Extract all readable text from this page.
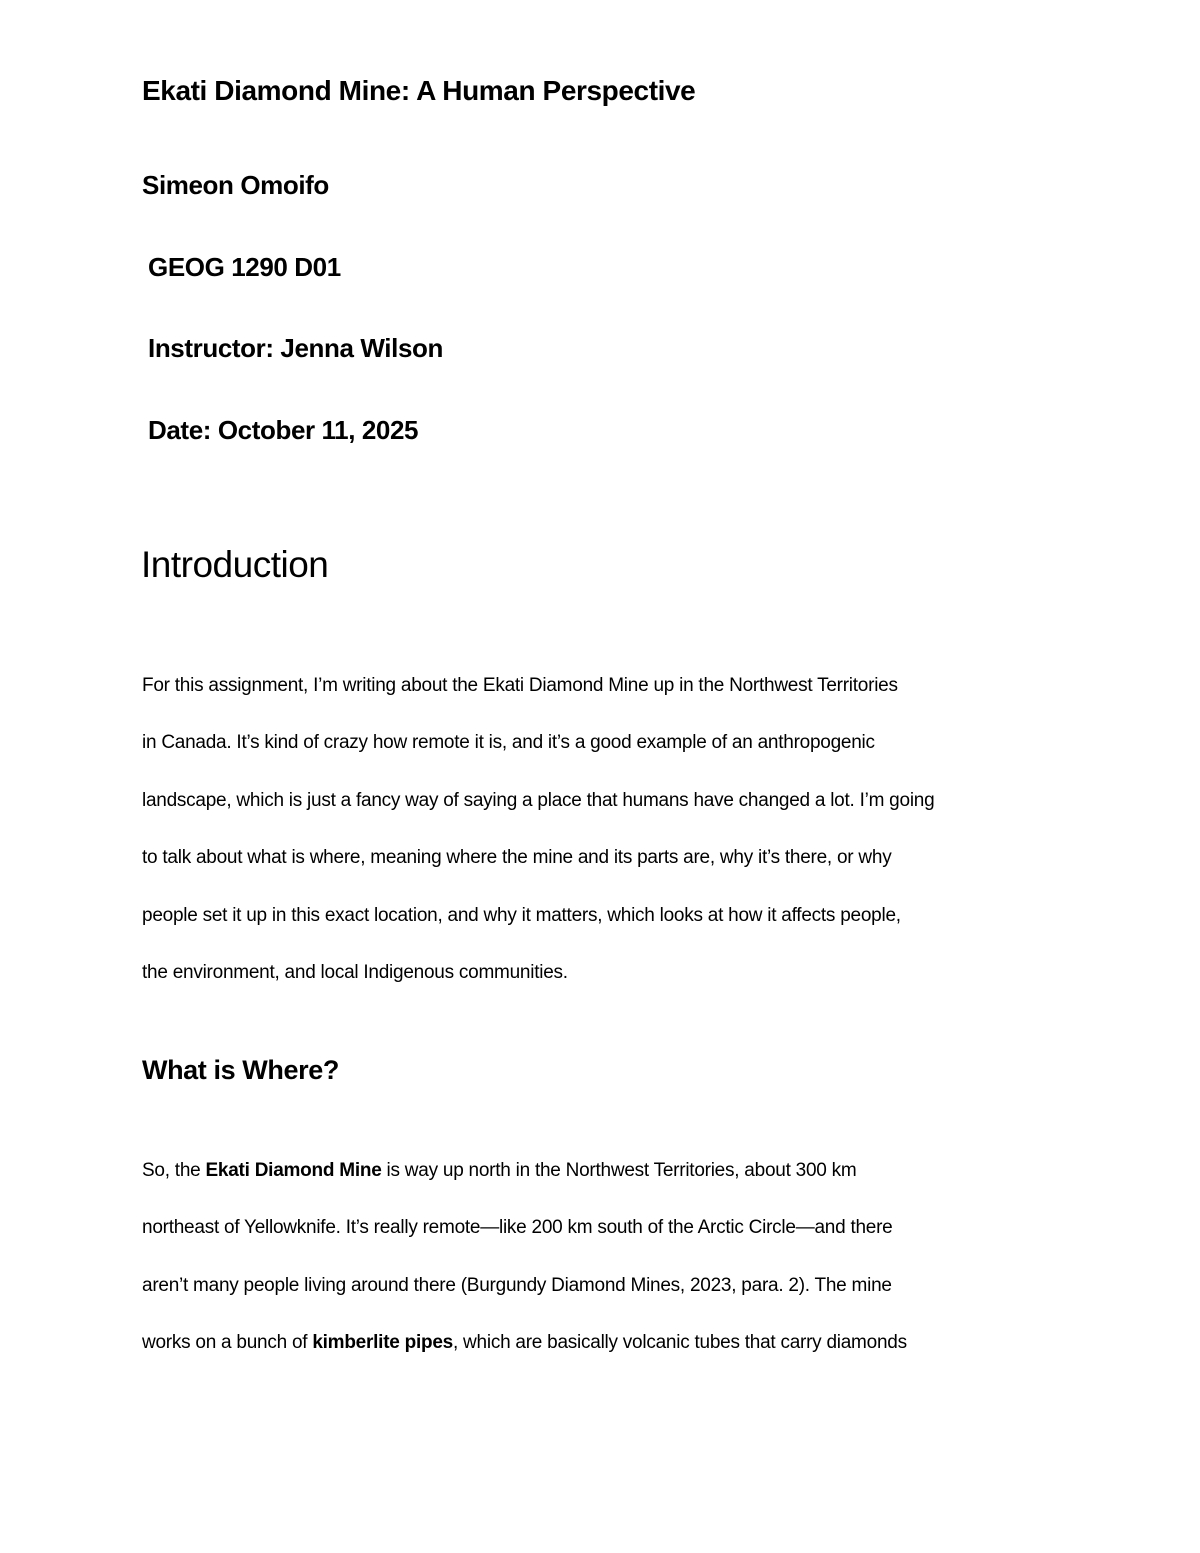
Ekati Diamond Mine: A Human Perspective
Simeon Omoifo
GEOG 1290 D01
Instructor: Jenna Wilson
Date: October 11, 2025
Introduction
For this assignment, I’m writing about the Ekati Diamond Mine up in the Northwest Territories
in Canada. It’s kind of crazy how remote it is, and it’s a good example of an anthropogenic
landscape, which is just a fancy way of saying a place that humans have changed a lot. I’m going
to talk about what is where, meaning where the mine and its parts are, why it’s there, or why
people set it up in this exact location, and why it matters, which looks at how it affects people,
the environment, and local Indigenous communities.
What is Where?
So, the Ekati Diamond Mine is way up north in the Northwest Territories, about 300 km
northeast of Yellowknife. It’s really remote—like 200 km south of the Arctic Circle—and there
aren’t many people living around there (Burgundy Diamond Mines, 2023, para. 2). The mine
works on a bunch of kimberlite pipes, which are basically volcanic tubes that carry diamonds
